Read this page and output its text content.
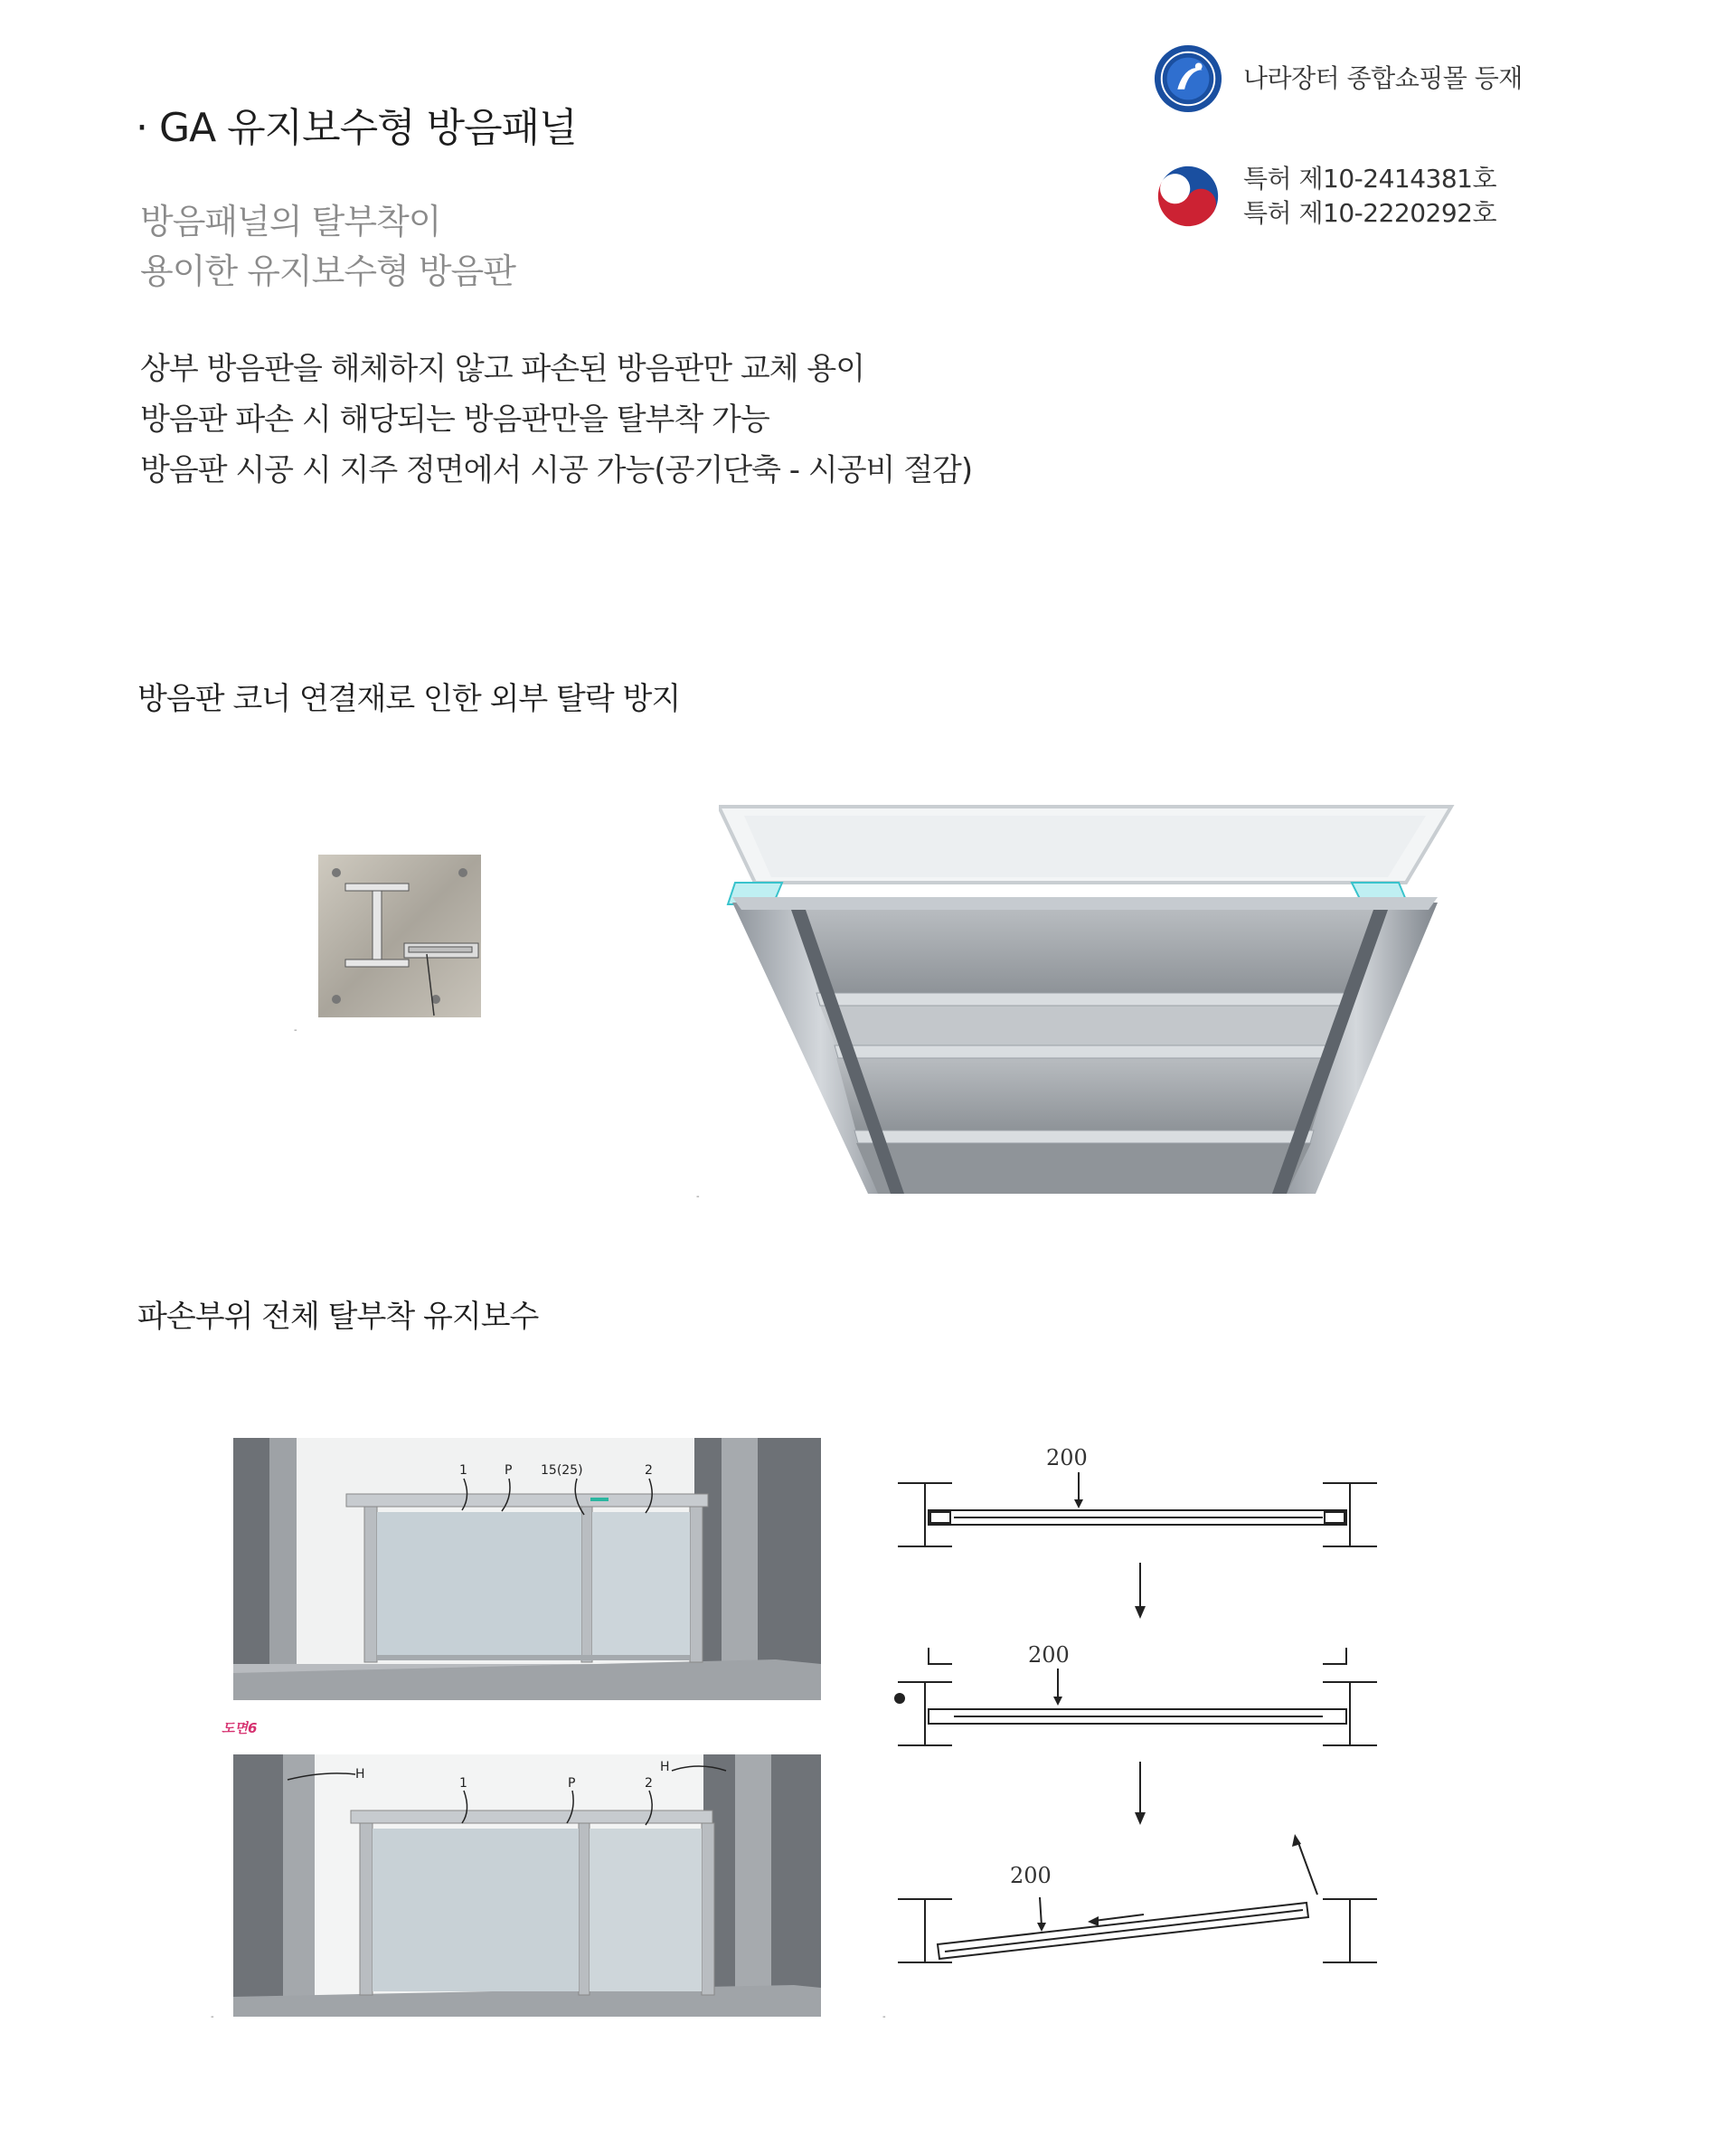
· GA 유지보수형 방음패널
방음패널의 탈부착이
용이한 유지보수형 방음판
상부 방음판을 해체하지 않고 파손된 방음판만 교체 용이
방음판 파손 시 해당되는 방음판만을 탈부착 가능
방음판 시공 시 지주 정면에서 시공 가능(공기단축 - 시공비 절감)
나라장터 종합쇼핑몰 등재
특허 제10-2414381호
특허 제10-2220292호
방음판 코너 연결재로 인한 외부 탈락 방지
-
-
파손부위 전체 탈부착 유지보수
1	P 15(25)	2
도면6
H
1	P	2
H
-
200
200
200
-
